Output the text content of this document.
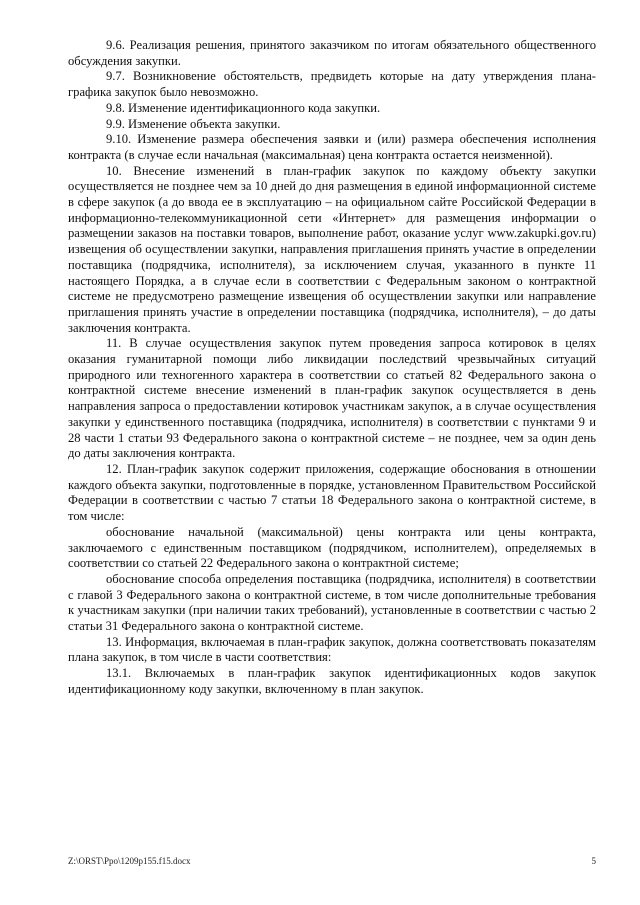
9.6. Реализация решения, принятого заказчиком по итогам обязательного общественного обсуждения закупки.

9.7. Возникновение обстоятельств, предвидеть которые на дату утверждения плана-графика закупок было невозможно.

9.8. Изменение идентификационного кода закупки.

9.9. Изменение объекта закупки.

9.10. Изменение размера обеспечения заявки и (или) размера обеспечения исполнения контракта (в случае если начальная (максимальная) цена контракта остается неизменной).

10. Внесение изменений в план-график закупок по каждому объекту закупки осуществляется не позднее чем за 10 дней до дня размещения в единой информационной системе в сфере закупок (а до ввода ее в эксплуатацию – на официальном сайте Российской Федерации в информационно-телекоммуникационной сети «Интернет» для размещения информации о размещении заказов на поставки товаров, выполнение работ, оказание услуг www.zakupki.gov.ru) извещения об осуществлении закупки, направления приглашения принять участие в определении поставщика (подрядчика, исполнителя), за исключением случая, указанного в пункте 11 настоящего Порядка, а в случае если в соответствии с Федеральным законом о контрактной системе не предусмотрено размещение извещения об осуществлении закупки или направление приглашения принять участие в определении поставщика (подрядчика, исполнителя), – до даты заключения контракта.

11. В случае осуществления закупок путем проведения запроса котировок в целях оказания гуманитарной помощи либо ликвидации последствий чрезвычайных ситуаций природного или техногенного характера в соответствии со статьей 82 Федерального закона о контрактной системе внесение изменений в план-график закупок осуществляется в день направления запроса о предоставлении котировок участникам закупок, а в случае осуществления закупки у единственного поставщика (подрядчика, исполнителя) в соответствии с пунктами 9 и 28 части 1 статьи 93 Федерального закона о контрактной системе – не позднее, чем за один день до даты заключения контракта.

12. План-график закупок содержит приложения, содержащие обоснования в отношении каждого объекта закупки, подготовленные в порядке, установленном Правительством Российской Федерации в соответствии с частью 7 статьи 18 Федерального закона о контрактной системе, в том числе:

обоснование начальной (максимальной) цены контракта или цены контракта, заключаемого с единственным поставщиком (подрядчиком, исполнителем), определяемых в соответствии со статьей 22 Федерального закона о контрактной системе;

обоснование способа определения поставщика (подрядчика, исполнителя) в соответствии с главой 3 Федерального закона о контрактной системе, в том числе дополнительные требования к участникам закупки (при наличии таких требований), установленные в соответствии с частью 2 статьи 31 Федерального закона о контрактной системе.

13. Информация, включаемая в план-график закупок, должна соответствовать показателям плана закупок, в том числе в части соответствия:

13.1. Включаемых в план-график закупок идентификационных кодов закупок идентификационному коду закупки, включенному в план закупок.

Z:\ORST\Ppo\1209p155.f15.docx	5
